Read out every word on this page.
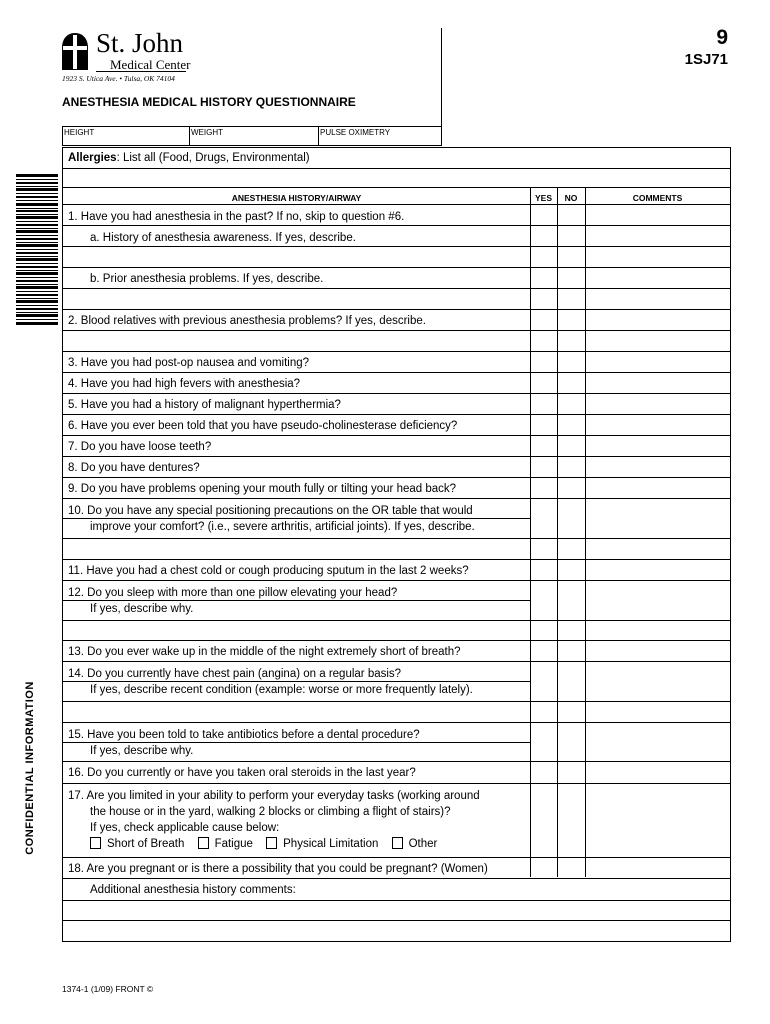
St. John
Medical Center
1923 S. Utica Ave. • Tulsa, OK 74104
9
1SJ71
ANESTHESIA MEDICAL HISTORY QUESTIONNAIRE
HEIGHT	WEIGHT	PULSE OXIMETRY
CONFIDENTIAL INFORMATION
Allergies: List all (Food, Drugs, Environmental)
ANESTHESIA HISTORY/AIRWAY	YES	NO	COMMENTS
1. Have you had anesthesia in the past? If no, skip to question #6.
a. History of anesthesia awareness. If yes, describe.
b. Prior anesthesia problems. If yes, describe.
2. Blood relatives with previous anesthesia problems? If yes, describe.
3. Have you had post-op nausea and vomiting?
4. Have you had high fevers with anesthesia?
5. Have you had a history of malignant hyperthermia?
6. Have you ever been told that you have pseudo-cholinesterase deficiency?
7. Do you have loose teeth?
8. Do you have dentures?
9. Do you have problems opening your mouth fully or tilting your head back?
10. Do you have any special positioning precautions on the OR table that would
improve your comfort? (i.e., severe arthritis, artificial joints). If yes, describe.
11. Have you had a chest cold or cough producing sputum in the last 2 weeks?
12. Do you sleep with more than one pillow elevating your head?
If yes, describe why.
13. Do you ever wake up in the middle of the night extremely short of breath?
14. Do you currently have chest pain (angina) on a regular basis?
If yes, describe recent condition (example: worse or more frequently lately).
15. Have you been told to take antibiotics before a dental procedure?
If yes, describe why.
16. Do you currently or have you taken oral steroids in the last year?
17. Are you limited in your ability to perform your everyday tasks (working around
the house or in the yard, walking 2 blocks or climbing a flight of stairs)?
If yes, check applicable cause below:
18. Are you pregnant or is there a possibility that you could be pregnant? (Women)
Additional anesthesia history comments:
Short of Breath	Fatigue	Physical Limitation	Other
1374-1 (1/09) FRONT ©
